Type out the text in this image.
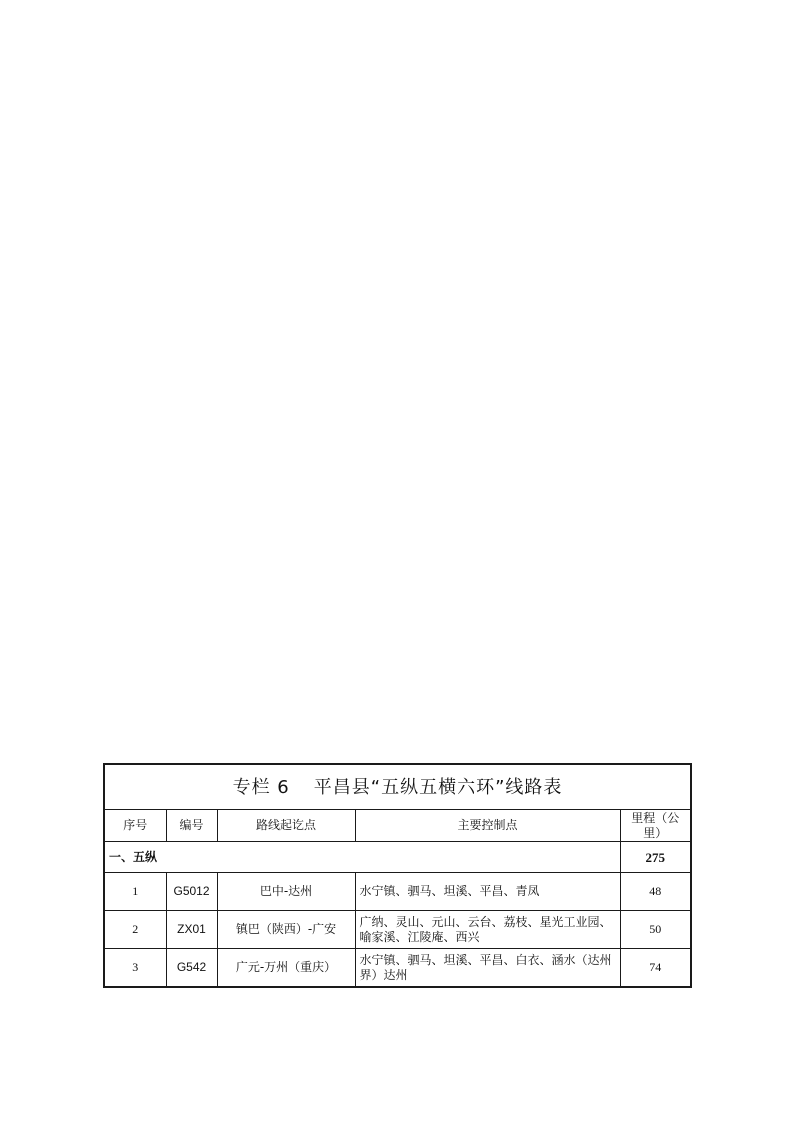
专栏 6 平昌县“五纵五横六环”线路表				
序号	编号	路线起讫点	主要控制点	里程（公里）
一、五纵				275
1	G5012	巴中-达州	水宁镇、驷马、坦溪、平昌、青凤	48
2	ZX01	镇巴（陕西）-广安	广纳、灵山、元山、云台、荔枝、星光工业园、喻家溪、江陵庵、西兴	50
3	G542	广元-万州（重庆）	水宁镇、驷马、坦溪、平昌、白衣、涵水（达州界）达州	74
